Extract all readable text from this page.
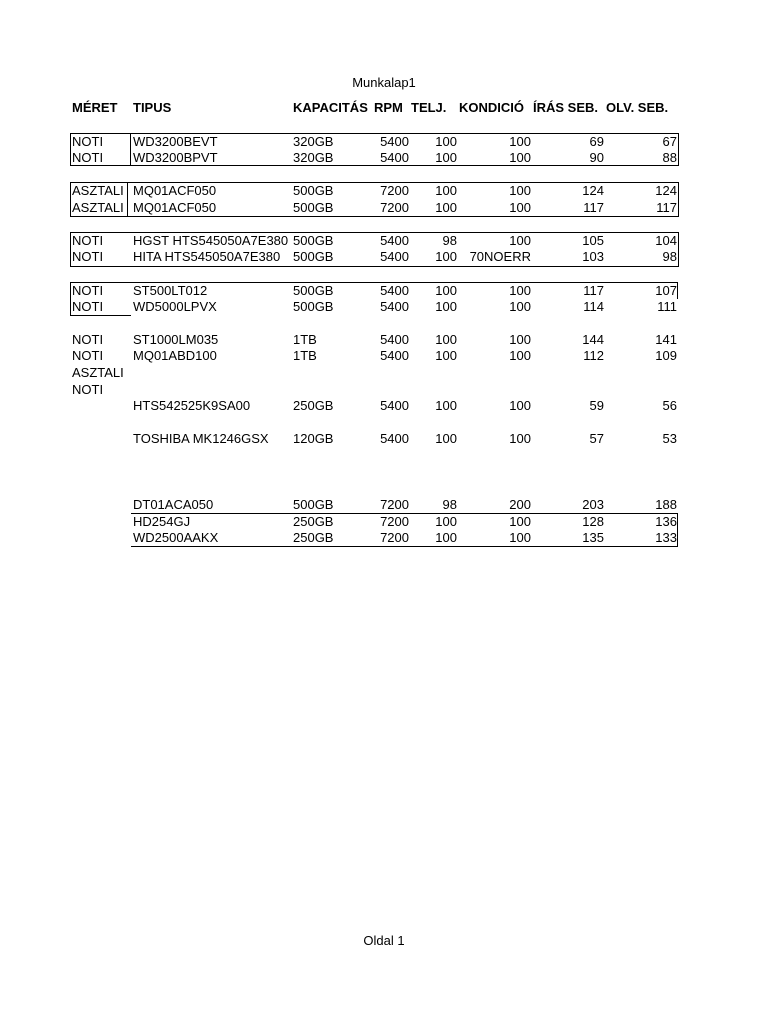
Munkalap1
MÉRET TIPUS	KAPACITÁS RPM TELJ. KONDICIÓ ÍRÁS SEB. OLV. SEB.
NOTI WD3200BEVT	320GB	5400 100	100	69	67
NOTI WD3200BPVT	320GB	5400 100	100	90	88
ASZTALI MQ01ACF050	500GB	7200 100	100	124	124
ASZTALI MQ01ACF050	500GB	7200 100	100	117	117
NOTI HGST HTS545050A7E380 500GB	5400	98	100	105	104
NOTI HITA HTS545050A7E380 500GB	5400 100 70NOERR	103	98
NOTI ST500LT012	500GB	5400 100	100	117	107
NOTI WD5000LPVX	500GB	5400 100	100	114	111
NOTI ST1000LM035	1TB	5400 100	100	144	141
NOTI MQ01ABD100	1TB	5400 100	100	112	109
ASZTALI
NOTI
HTS542525K9SA00	250GB	5400 100	100	59	56
TOSHIBA MK1246GSX 120GB	5400 100	100	57	53
DT01ACA050	500GB	7200	98	200	203	188
HD254GJ	250GB	7200 100	100	128	136
WD2500AAKX	250GB	7200 100	100	135	133
Oldal 1
